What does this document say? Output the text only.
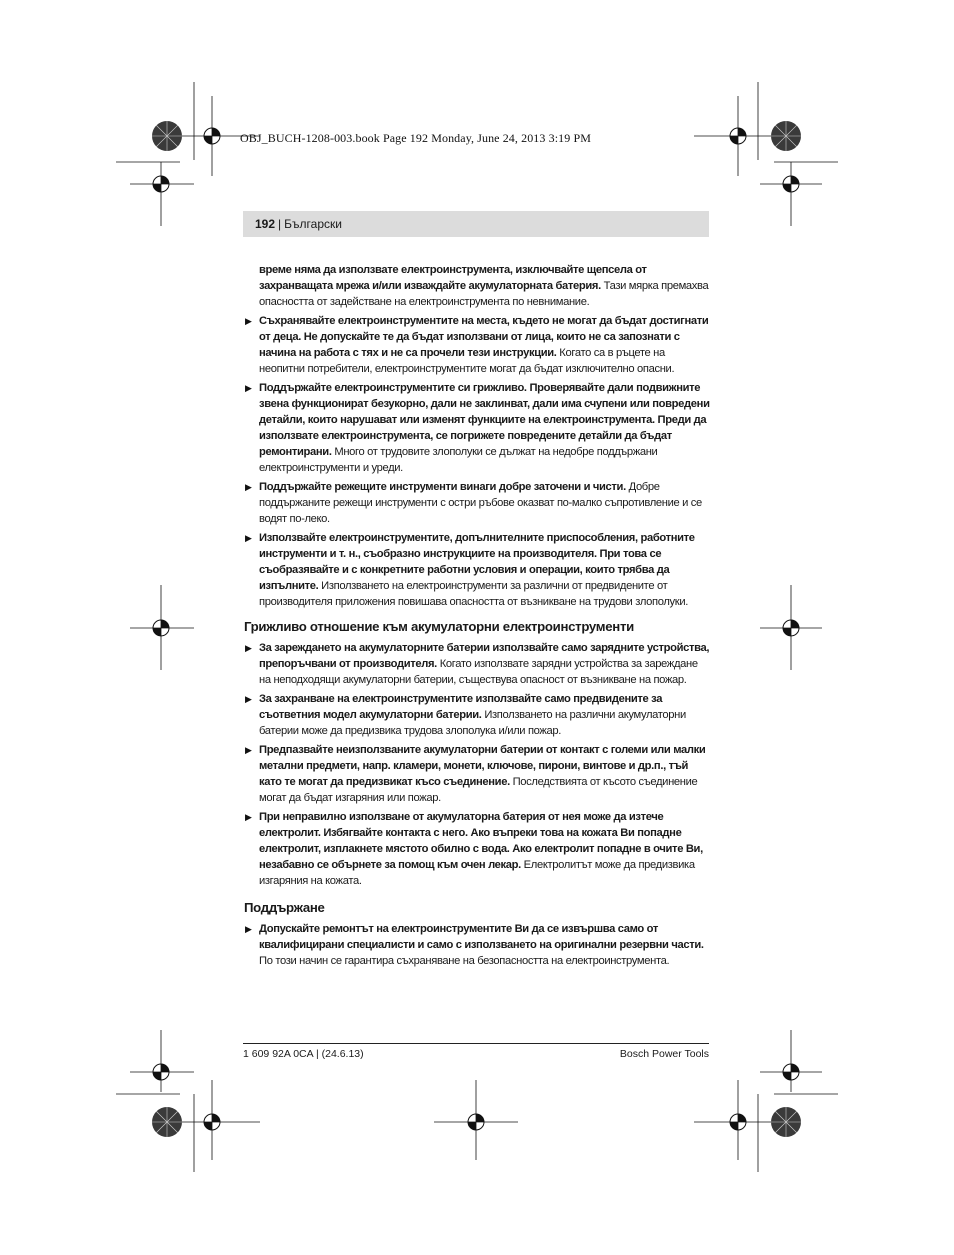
OBJ_BUCH-1208-003.book Page 192 Monday, June 24, 2013 3:19 PM
192 | Български
време няма да използвате електроинструмента, изключвайте щепсела от захранващата мрежа и/или изваждайте акумулаторната батерия. Тази мярка премахва опасността от задействане на електроинструмента по невнимание.
▶ Съхранявайте електроинструментите на места, където не могат да бъдат достигнати от деца. Не допускайте те да бъдат използвани от лица, които не са запознати с начина на работа с тях и не са прочели тези инструкции. Когато са в ръцете на неопитни потребители, електроинструментите могат да бъдат изключително опасни.
▶ Поддържайте електроинструментите си грижливо. Проверявайте дали подвижните звена функционират безукорно, дали не заклинват, дали има счупени или повредени детайли, които нарушават или изменят функциите на електроинструмента. Преди да използвате електроинструмента, се погрижете повредените детайли да бъдат ремонтирани. Много от трудовите злополуки се дължат на недобре поддържани електроинструменти и уреди.
▶ Поддържайте режещите инструменти винаги добре заточени и чисти. Добре поддържаните режещи инструменти с остри ръбове оказват по-малко съпротивление и се водят по-леко.
▶ Използвайте електроинструментите, допълнителните приспособления, работните инструменти и т. н., съобразно инструкциите на производителя. При това се съобразявайте и с конкретните работни условия и операции, които трябва да изпълните. Използването на електроинструменти за различни от предвидените от производителя приложения повишава опасността от възникване на трудови злополуки.
Грижливо отношение към акумулаторни електроинструменти
▶ За зареждането на акумулаторните батерии използвайте само зарядните устройства, препоръчвани от производителя. Когато използвате зарядни устройства за зареждане на неподходящи акумулаторни батерии, съществува опасност от възникване на пожар.
▶ За захранване на електроинструментите използвайте само предвидените за съответния модел акумулаторни батерии. Използването на различни акумулаторни батерии може да предизвика трудова злополука и/или пожар.
▶ Предпазвайте неизползваните акумулаторни батерии от контакт с големи или малки метални предмети, напр. кламери, монети, ключове, пирони, винтове и др.п., тъй като те могат да предизвикат късо съединение. Последствията от късото съединение могат да бъдат изгаряния или пожар.
▶ При неправилно използване от акумулаторна батерия от нея може да изтече електролит. Избягвайте контакта с него. Ако въпреки това на кожата Ви попадне електролит, изплакнете мястото обилно с вода. Ако електролит попадне в очите Ви, незабавно се обърнете за помощ към очен лекар. Електролитът може да предизвика изгаряния на кожата.
Поддържане
▶ Допускайте ремонтът на електроинструментите Ви да се извършва само от квалифицирани специалисти и само с използването на оригинални резервни части. По този начин се гарантира съхраняване на безопасността на електроинструмента.
1 609 92A 0CA | (24.6.13)	Bosch Power Tools
